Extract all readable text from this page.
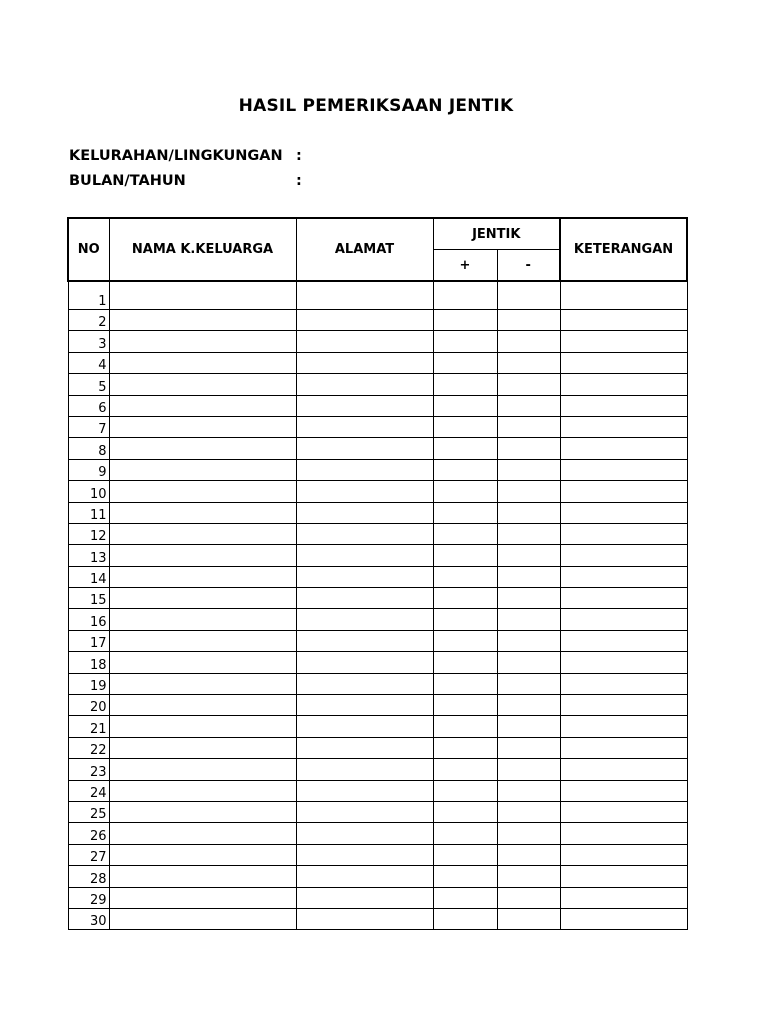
HASIL PEMERIKSAAN JENTIK
KELURAHAN/LINGKUNGAN :
BULAN/TAHUN	:
NO	NAMA K.KELUARGA	ALAMAT	JENTIK		KETERANGAN
			+	-	
1					
2					
3					
4					
5					
6					
7					
8					
9					
10					
11					
12					
13					
14					
15					
16					
17					
18					
19					
20					
21					
22					
23					
24					
25					
26					
27					
28					
29					
30					
